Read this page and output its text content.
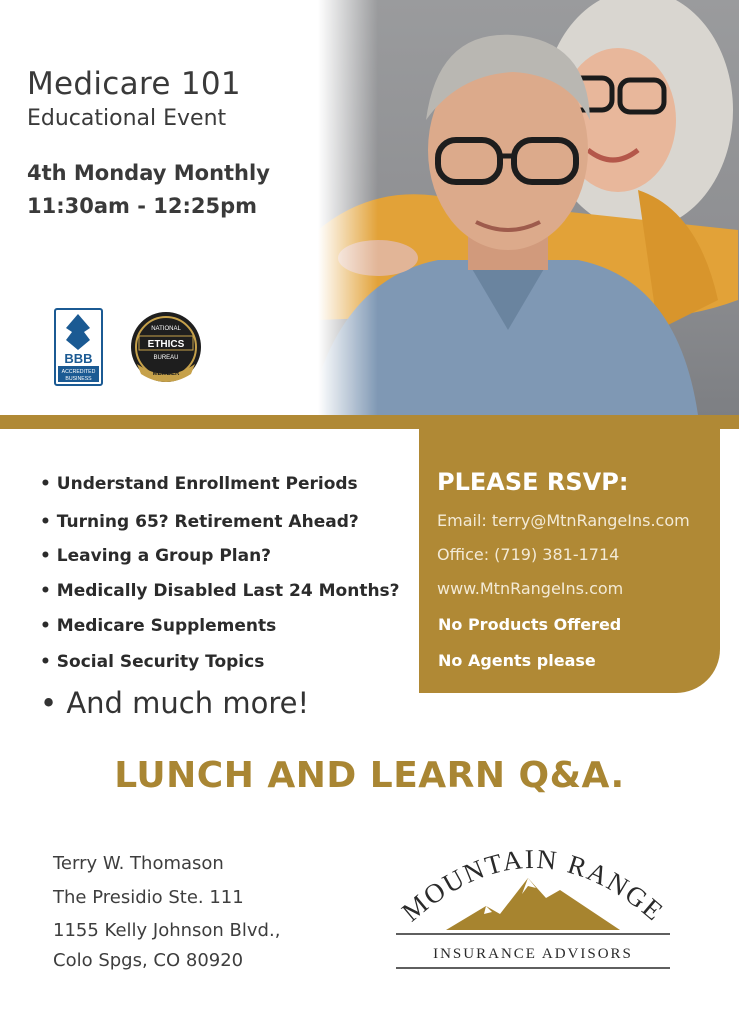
Medicare 101
Educational Event
4th Monday Monthly
11:30am - 12:25pm
BBB
ACCREDITED
BUSINESS
NATIONAL
ETHICS
BUREAU
MEMBER
PLEASE RSVP:
Email: terry@MtnRangeIns.com
Office: (719) 381-1714
www.MtnRangeIns.com
No Products Offered
No Agents please
• Understand Enrollment Periods
• Turning 65? Retirement Ahead?
• Leaving a Group Plan?
• Medically Disabled Last 24 Months?
• Medicare Supplements
• Social Security Topics
• And much more!
LUNCH AND LEARN Q&A.
Terry W. Thomason
The Presidio Ste. 111
1155 Kelly Johnson Blvd.,
Colo Spgs, CO 80920
MOUNTAIN RANGE
INSURANCE ADVISORS
